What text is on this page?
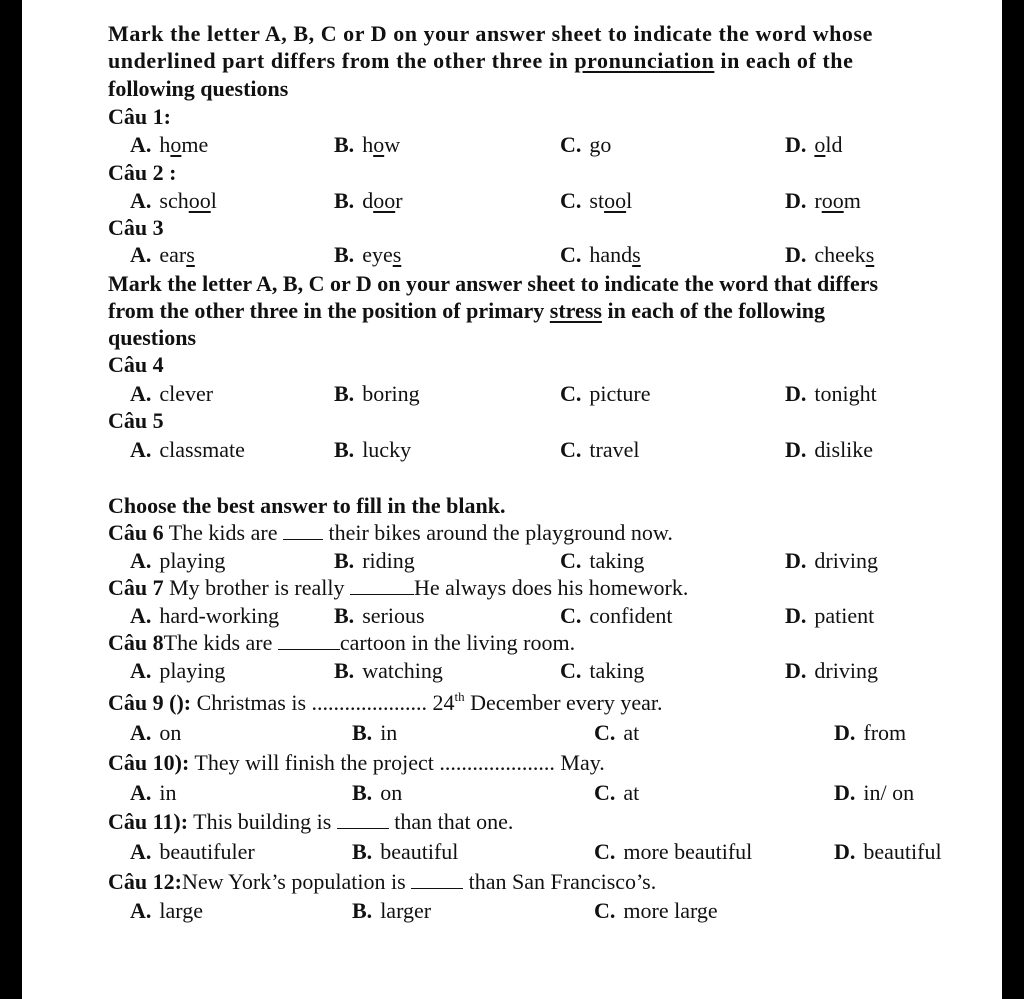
Mark the letter A, B, C or D on your answer sheet to indicate the word whose
underlined part differs from the other three in pronunciation in each of the
following questions
Câu 1:
A. home	B. how	C. go	D. old
Câu 2 :
A. school	B. door	C. stool	D. room
Câu 3
A. ears	B. eyes	C. hands	D. cheeks
Mark the letter A, B, C or D on your answer sheet to indicate the word that differs
from the other three in the position of primary stress in each of the following
questions
Câu 4
A. clever	B. boring	C. picture	D. tonight
Câu 5
A. classmate	B. lucky	C. travel	D. dislike
Choose the best answer to fill in the blank.
Câu 6 The kids are  their bikes around the playground now.
A. playing	B. riding	C. taking	D. driving
Câu 7 My brother is really	He always does his homework.
A. hard-working B. serious	C. confident	D. patient
Câu 8The kids are	cartoon in the living room.
A. playing	B. watching	C. taking	D. driving
Câu 9 (): Christmas is ..................... 24th December every year.
A. on	B. in	C. at	D. from
Câu 10): They will finish the project ..................... May.
A. in	B. on	C. at	D. in/ on
Câu 11): This building is  than that one.
A. beautifuler	B. beautiful	C. more beautiful	D. beautiful
Câu 12:New York’s population is  than San Francisco’s.
A. large	B. larger	C. more large
